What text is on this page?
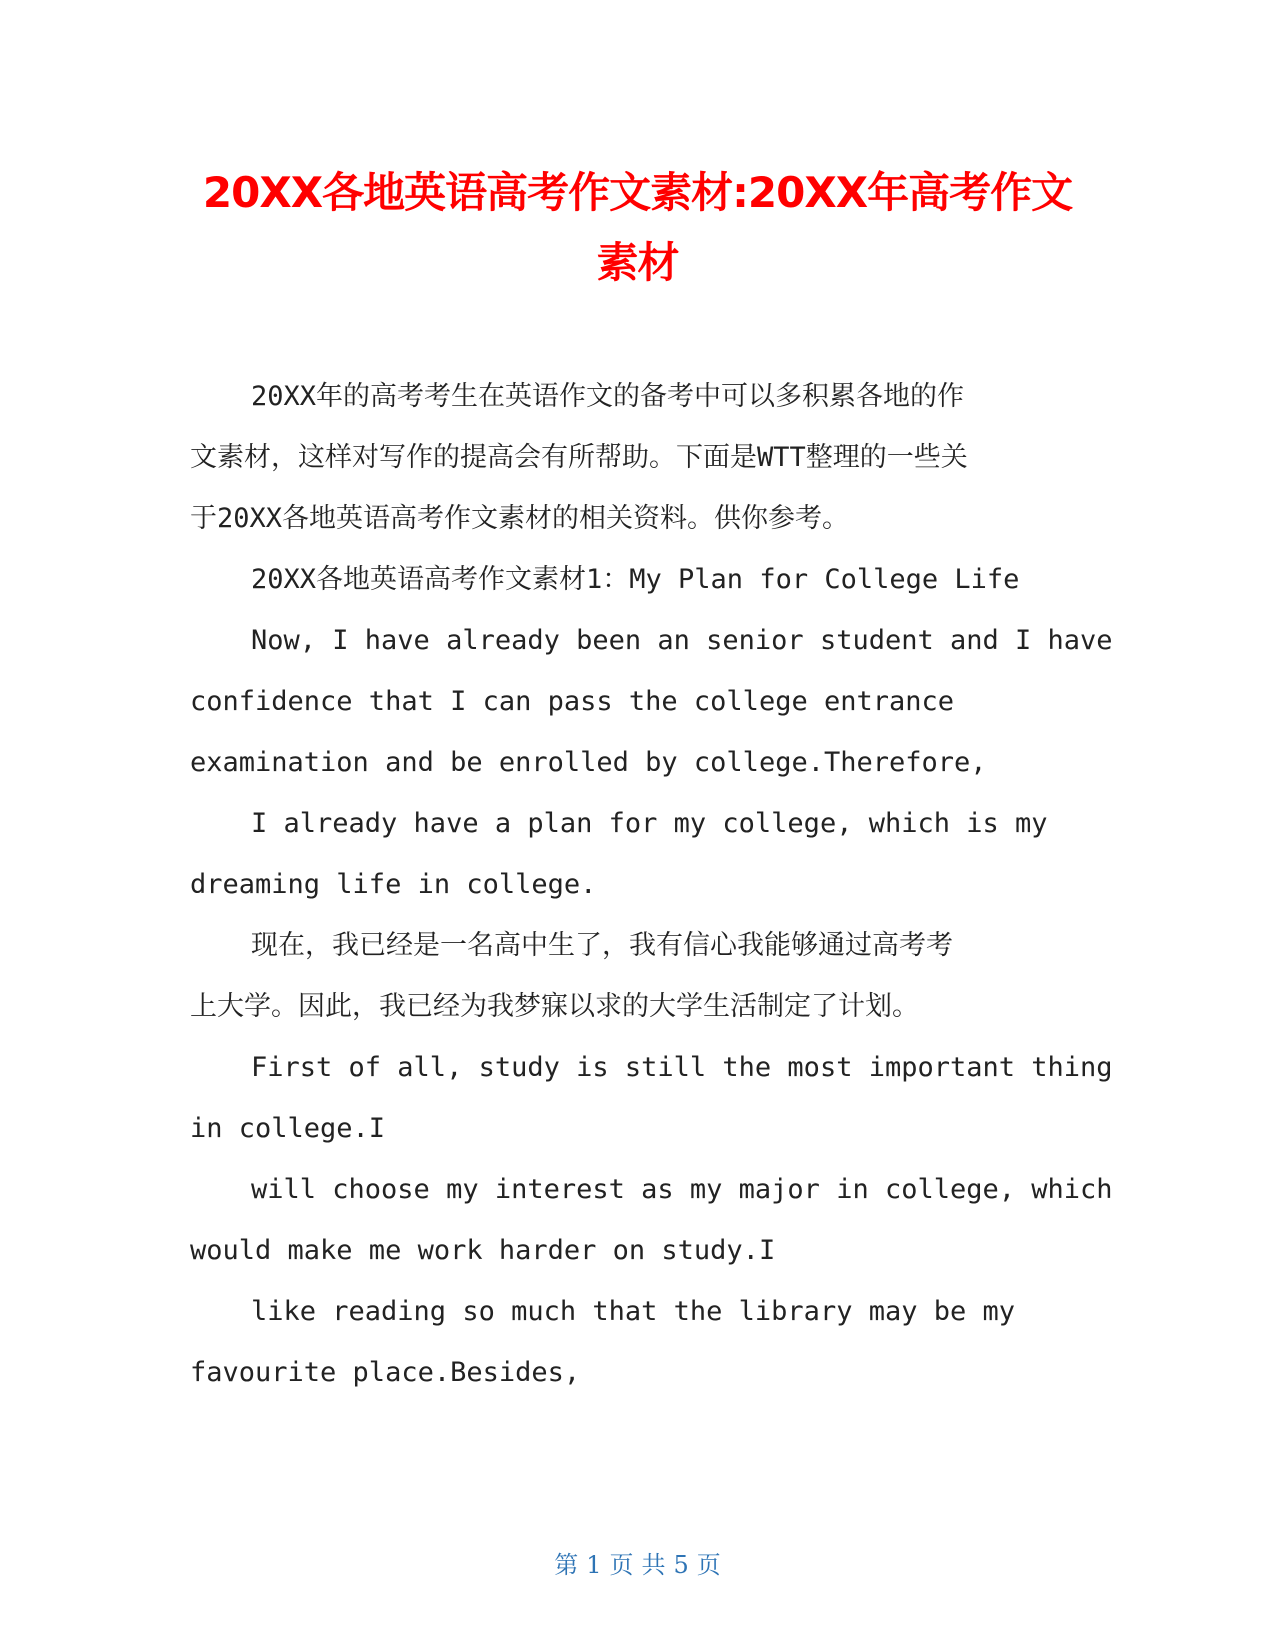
20XX各地英语高考作文素材:20XX年高考作文
素材

20XX年的高考考生在英语作文的备考中可以多积累各地的作

文素材，这样对写作的提高会有所帮助。下面是WTT整理的一些关

于20XX各地英语高考作文素材的相关资料。供你参考。

20XX各地英语高考作文素材1：My Plan for College Life

Now, I have already been an senior student and I have

confidence that I can pass the college entrance

examination and be enrolled by college.Therefore,

I already have a plan for my college, which is my

dreaming life in college.

现在，我已经是一名高中生了，我有信心我能够通过高考考

上大学。因此，我已经为我梦寐以求的大学生活制定了计划。

First of all, study is still the most important thing

in college.I

will choose my interest as my major in college, which

would make me work harder on study.I

like reading so much that the library may be my

favourite place.Besides,

第 1 页 共 5 页
